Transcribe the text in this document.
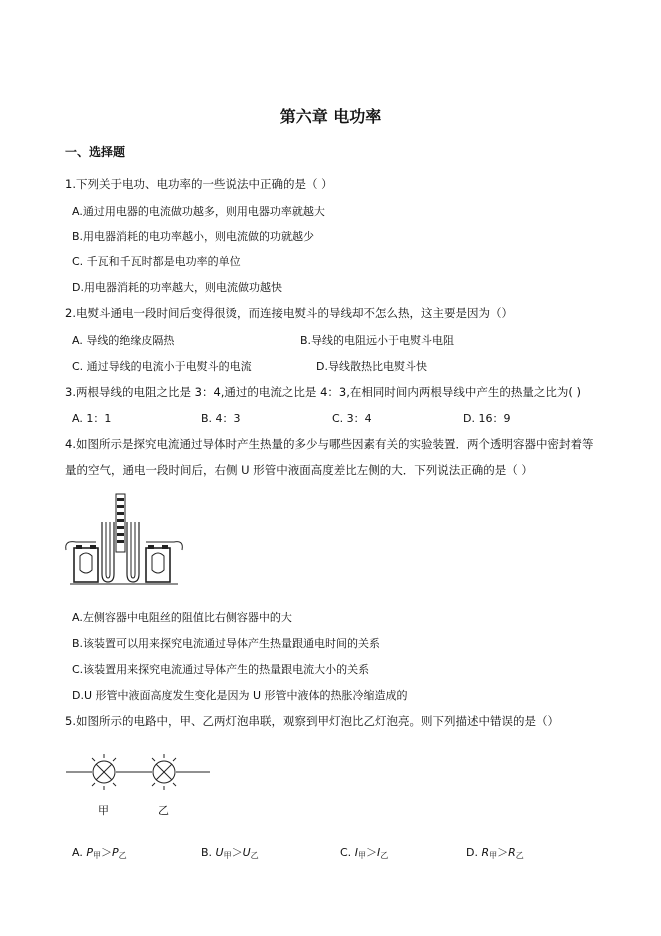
第六章 电功率
一、选择题
1.下列关于电功、电功率的一些说法中正确的是（ ）
A.通过用电器的电流做功越多，则用电器功率就越大
B.用电器消耗的电功率越小，则电流做的功就越少
C. 千瓦和千瓦时都是电功率的单位
D.用电器消耗的功率越大，则电流做功越快
2.电熨斗通电一段时间后变得很烫，而连接电熨斗的导线却不怎么热，这主要是因为（）
A. 导线的绝缘皮隔热	B.导线的电阻远小于电熨斗电阻
C. 通过导线的电流小于电熨斗的电流	D.导线散热比电熨斗快
3.两根导线的电阻之比是 3：4,通过的电流之比是 4：3,在相同时间内两根导线中产生的热量之比为( )
A. 1：1	B. 4：3	C. 3：4	D. 16：9
4.如图所示是探究电流通过导体时产生热量的多少与哪些因素有关的实验装置．两个透明容器中密封着等
量的空气，通电一段时间后，右侧 U 形管中液面高度差比左侧的大．下列说法正确的是（ ）
A.左侧容器中电阻丝的阻值比右侧容器中的大
B.该装置可以用来探究电流通过导体产生热量跟通电时间的关系
C.该装置用来探究电流通过导体产生的热量跟电流大小的关系
D.U 形管中液面高度发生变化是因为 U 形管中液体的热胀冷缩造成的
5.如图所示的电路中，甲、乙两灯泡串联，观察到甲灯泡比乙灯泡亮。则下列描述中错误的是（）
甲	乙
A. $P_甲>P_乙$	B. $U_甲>U_乙$	C. $I_甲>I_乙$	D. $R_甲>R_乙$
